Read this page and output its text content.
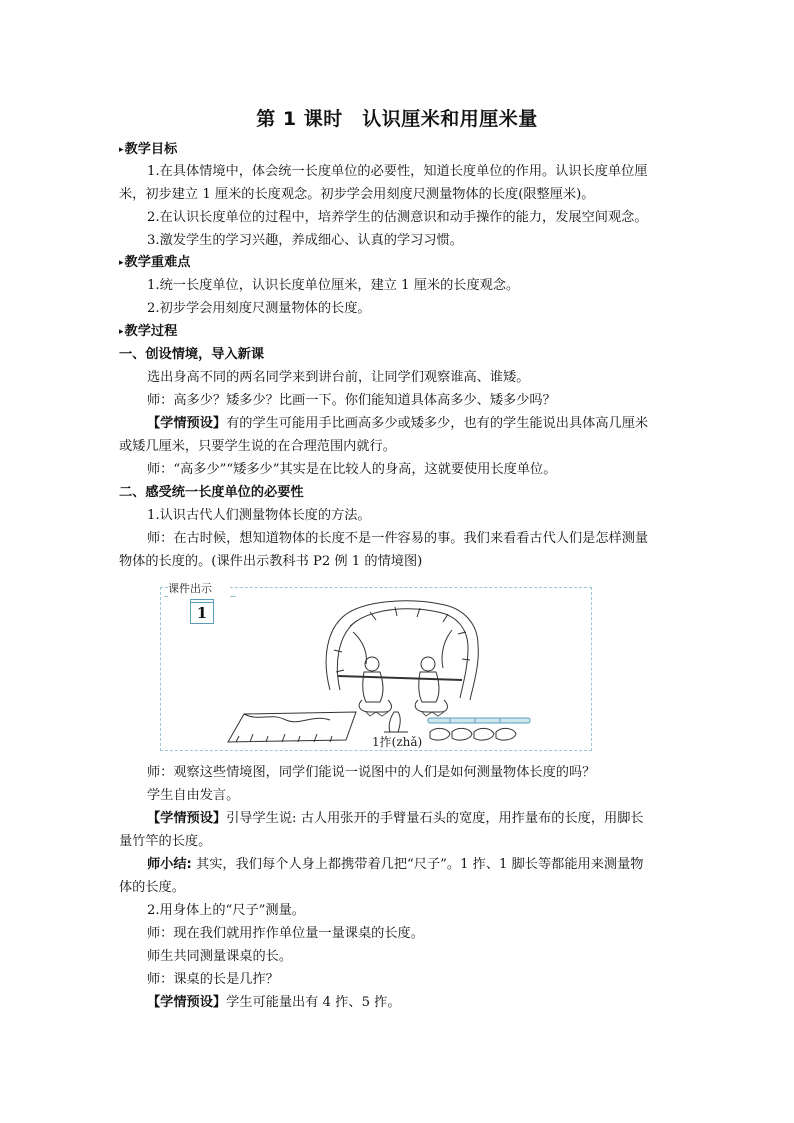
第 1 课时　认识厘米和用厘米量
▸教学目标
1.在具体情境中，体会统一长度单位的必要性，知道长度单位的作用。认识长度单位厘
米，初步建立 1 厘米的长度观念。初步学会用刻度尺测量物体的长度(限整厘米)。
2.在认识长度单位的过程中，培养学生的估测意识和动手操作的能力，发展空间观念。
3.激发学生的学习兴趣，养成细心、认真的学习习惯。
▸教学重难点
1.统一长度单位，认识长度单位厘米，建立 1 厘米的长度观念。
2.初步学会用刻度尺测量物体的长度。
▸教学过程
一、创设情境，导入新课
选出身高不同的两名同学来到讲台前，让同学们观察谁高、谁矮。
师：高多少？矮多少？比画一下。你们能知道具体高多少、矮多少吗？
【学情预设】有的学生可能用手比画高多少或矮多少，也有的学生能说出具体高几厘米
或矮几厘米，只要学生说的在合理范围内就行。
师：“高多少”“矮多少”其实是在比较人的身高，这就要使用长度单位。
二、感受统一长度单位的必要性
1.认识古代人们测量物体长度的方法。
师：在古时候，想知道物体的长度不是一件容易的事。我们来看看古代人们是怎样测量
物体的长度的。(课件出示教科书 P2 例 1 的情境图)
课件出示
1
1拃(zhǎ)
师：观察这些情境图，同学们能说一说图中的人们是如何测量物体长度的吗？
学生自由发言。
【学情预设】引导学生说: 古人用张开的手臂量石头的宽度，用拃量布的长度，用脚长
量竹竿的长度。
师小结: 其实，我们每个人身上都携带着几把“尺子”。1 拃、1 脚长等都能用来测量物
体的长度。
2.用身体上的“尺子”测量。
师：现在我们就用拃作单位量一量课桌的长度。
师生共同测量课桌的长。
师：课桌的长是几拃？
【学情预设】学生可能量出有 4 拃、5 拃。
